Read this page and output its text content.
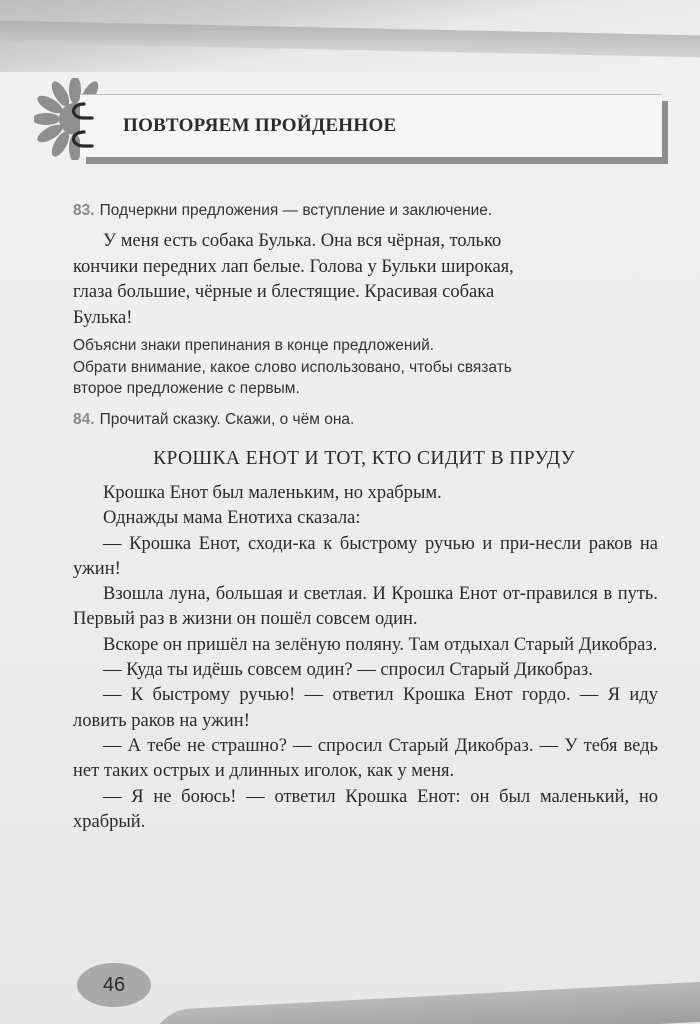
ПОВТОРЯЕМ ПРОЙДЕННОЕ
83. Подчеркни предложения — вступление и заключение.
У меня есть собака Булька. Она вся чёрная, только
кончики передних лап белые. Голова у Бульки широкая,
глаза большие, чёрные и блестящие. Красивая собака
Булька!
Объясни знаки препинания в конце предложений.
Обрати внимание, какое слово использовано, чтобы связать
второе предложение с первым.
84. Прочитай сказку. Скажи, о чём она.
КРОШКА ЕНОТ И ТОТ, КТО СИДИТ В ПРУДУ

Крошка Енот был маленьким, но храбрым.

Однажды мама Енотиха сказала:

— Крошка Енот, сходи-ка к быстрому ручью и при-несли раков на ужин!

Взошла луна, большая и светлая. И Крошка Енот от-правился в путь. Первый раз в жизни он пошёл совсем один.

Вскоре он пришёл на зелёную поляну. Там отдыхал Старый Дикобраз.

— Куда ты идёшь совсем один? — спросил Старый Дикобраз.

— К быстрому ручью! — ответил Крошка Енот гордо. — Я иду ловить раков на ужин!

— А тебе не страшно? — спросил Старый Дикобраз. — У тебя ведь нет таких острых и длинных иголок, как у меня.

— Я не боюсь! — ответил Крошка Енот: он был маленький, но храбрый.

46
